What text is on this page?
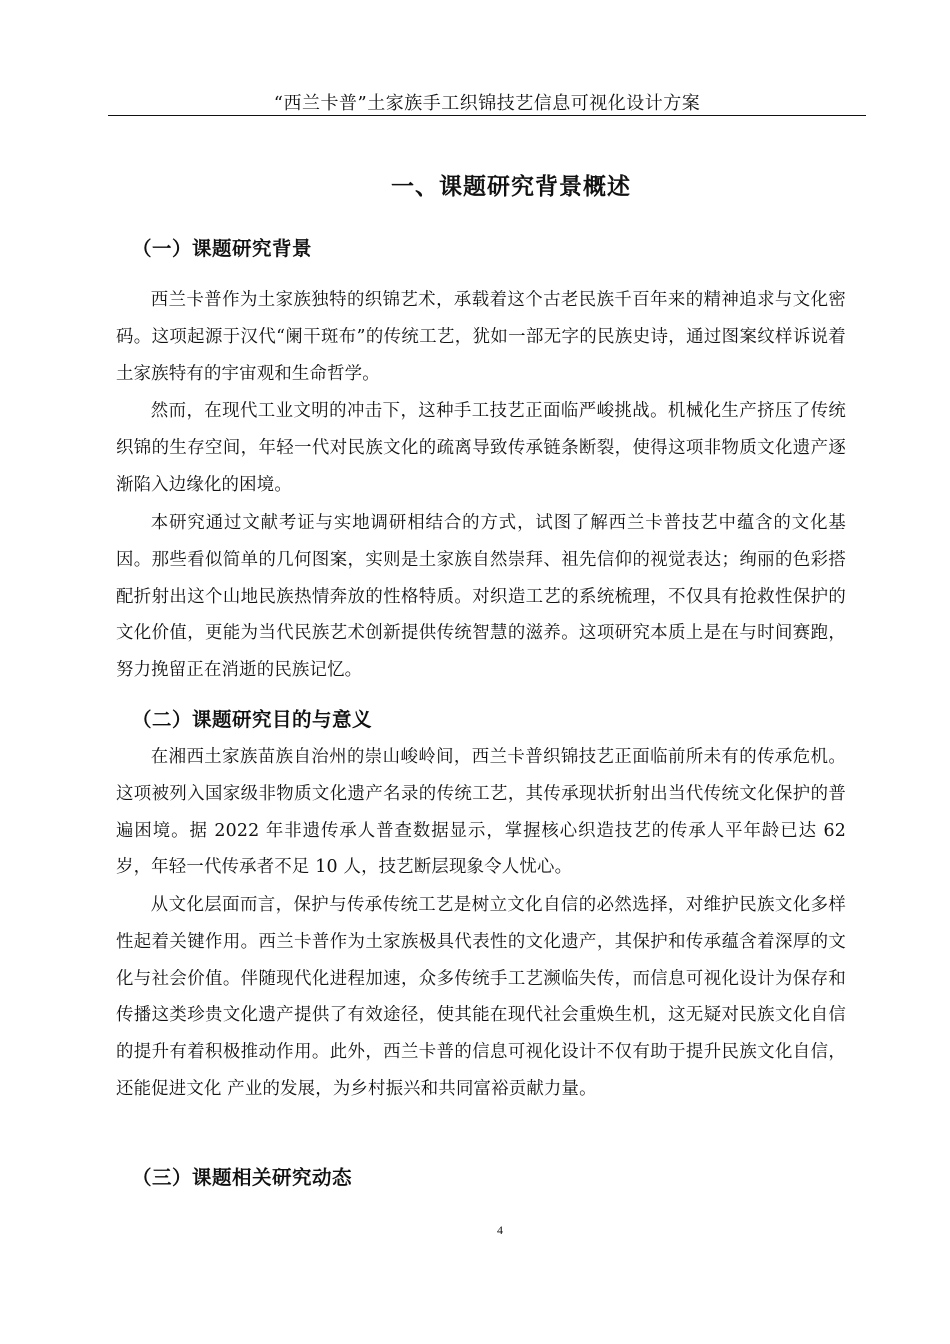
“西兰卡普”土家族手工织锦技艺信息可视化设计方案
一、课题研究背景概述
（一）课题研究背景

西兰卡普作为土家族独特的织锦艺术，承载着这个古老民族千百年来的精神追求与文化密码。这项起源于汉代“阑干斑布”的传统工艺，犹如一部无字的民族史诗，通过图案纹样诉说着土家族特有的宇宙观和生命哲学。

然而，在现代工业文明的冲击下，这种手工技艺正面临严峻挑战。机械化生产挤压了传统织锦的生存空间，年轻一代对民族文化的疏离导致传承链条断裂，使得这项非物质文化遗产逐渐陷入边缘化的困境。

本研究通过文献考证与实地调研相结合的方式，试图了解西兰卡普技艺中蕴含的文化基因。那些看似简单的几何图案，实则是土家族自然崇拜、祖先信仰的视觉表达；绚丽的色彩搭配折射出这个山地民族热情奔放的性格特质。对织造工艺的系统梳理，不仅具有抢救性保护的文化价值，更能为当代民族艺术创新提供传统智慧的滋养。这项研究本质上是在与时间赛跑，努力挽留正在消逝的民族记忆。

（二）课题研究目的与意义

在湘西土家族苗族自治州的崇山峻岭间，西兰卡普织锦技艺正面临前所未有的传承危机。这项被列入国家级非物质文化遗产名录的传统工艺，其传承现状折射出当代传统文化保护的普遍困境。据 2022 年非遗传承人普查数据显示，掌握核心织造技艺的传承人平年龄已达 62 岁，年轻一代传承者不足 10 人，技艺断层现象令人忧心。

从文化层面而言，保护与传承传统工艺是树立文化自信的必然选择，对维护民族文化多样性起着关键作用。西兰卡普作为土家族极具代表性的文化遗产，其保护和传承蕴含着深厚的文化与社会价值。伴随现代化进程加速，众多传统手工艺濒临失传，而信息可视化设计为保存和传播这类珍贵文化遗产提供了有效途径，使其能在现代社会重焕生机，这无疑对民族文化自信的提升有着积极推动作用。此外，西兰卡普的信息可视化设计不仅有助于提升民族文化自信，还能促进文化 产业的发展，为乡村振兴和共同富裕贡献力量。

（三）课题相关研究动态
4
